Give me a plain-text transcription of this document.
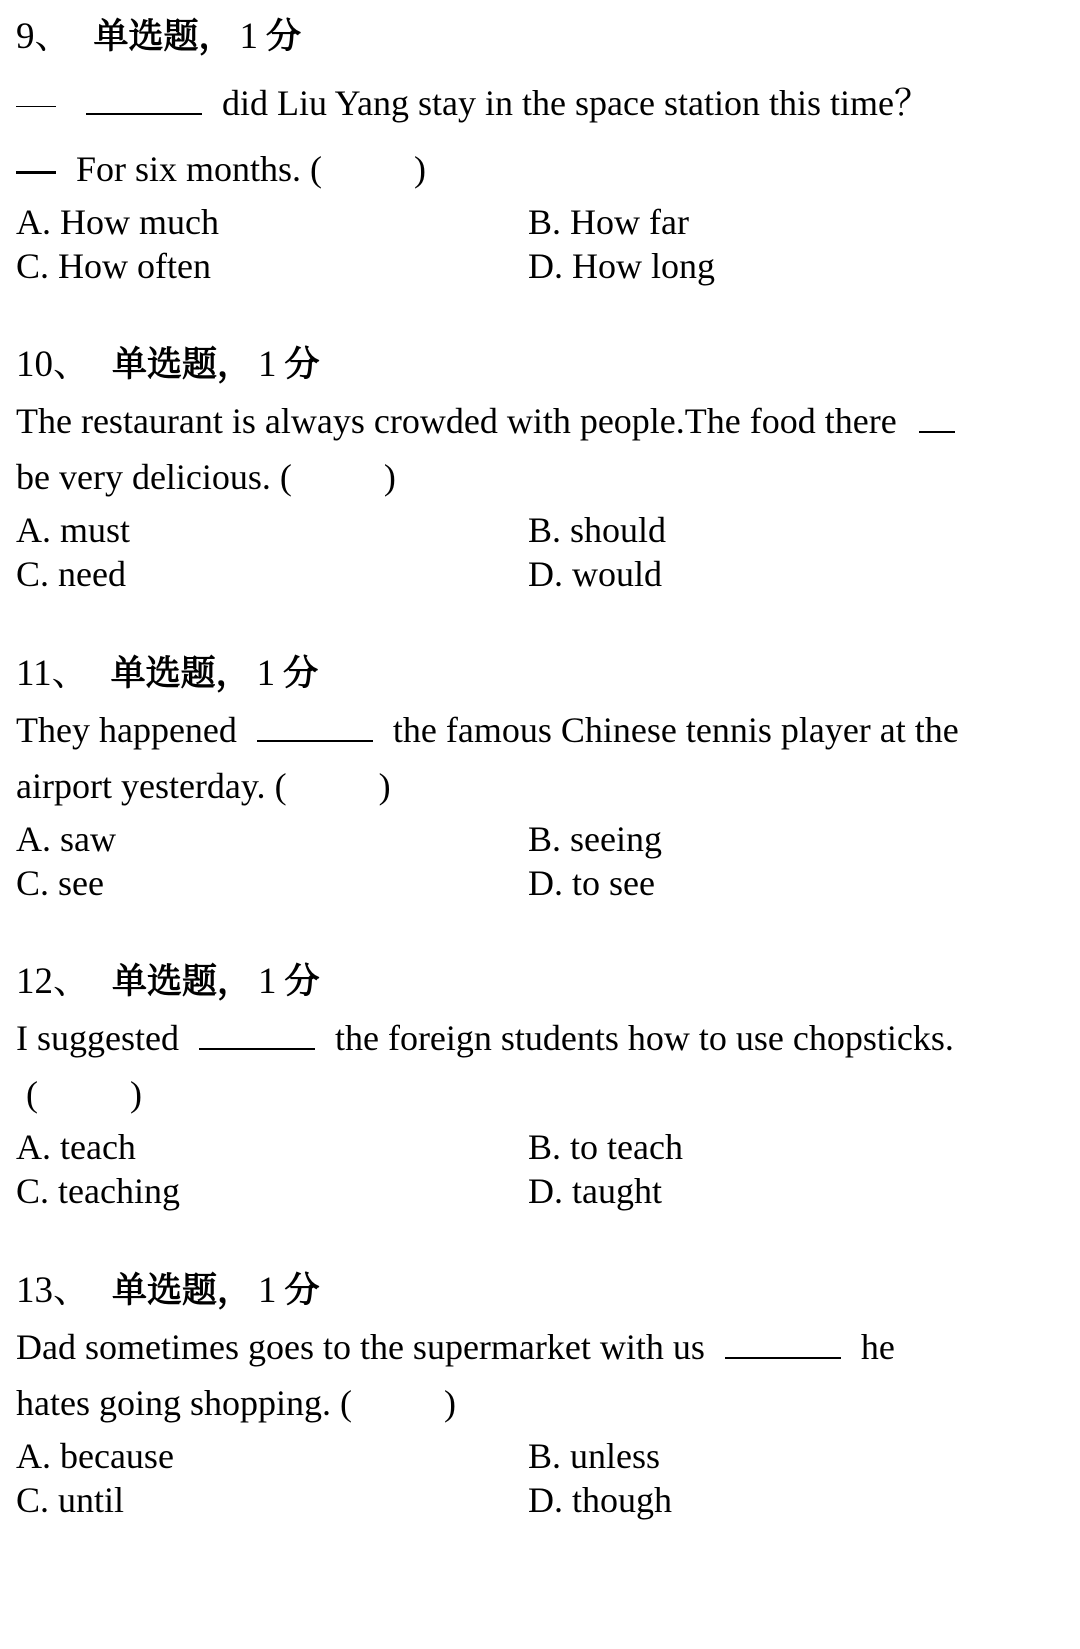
9、 单选题， 1 分
did Liu Yang stay in the space station this time？
For six months. (	)
A. How much	B. How far
C. How often	D. How long
10、 单选题， 1 分
The restaurant is always crowded with people.The food there
be very delicious. (	)
A. must	B. should
C. need	D. would
11、 单选题， 1 分
They happened	the famous Chinese tennis player at the
airport yesterday. (	)
A. saw	B. seeing
C. see	D. to see
12、 单选题， 1 分
I suggested	the foreign students how to use chopsticks.
(	)
A. teach	B. to teach
C. teaching	D. taught
13、 单选题， 1 分
Dad sometimes goes to the supermarket with us	he
hates going shopping. (	)
A. because	B. unless
C. until	D. though
